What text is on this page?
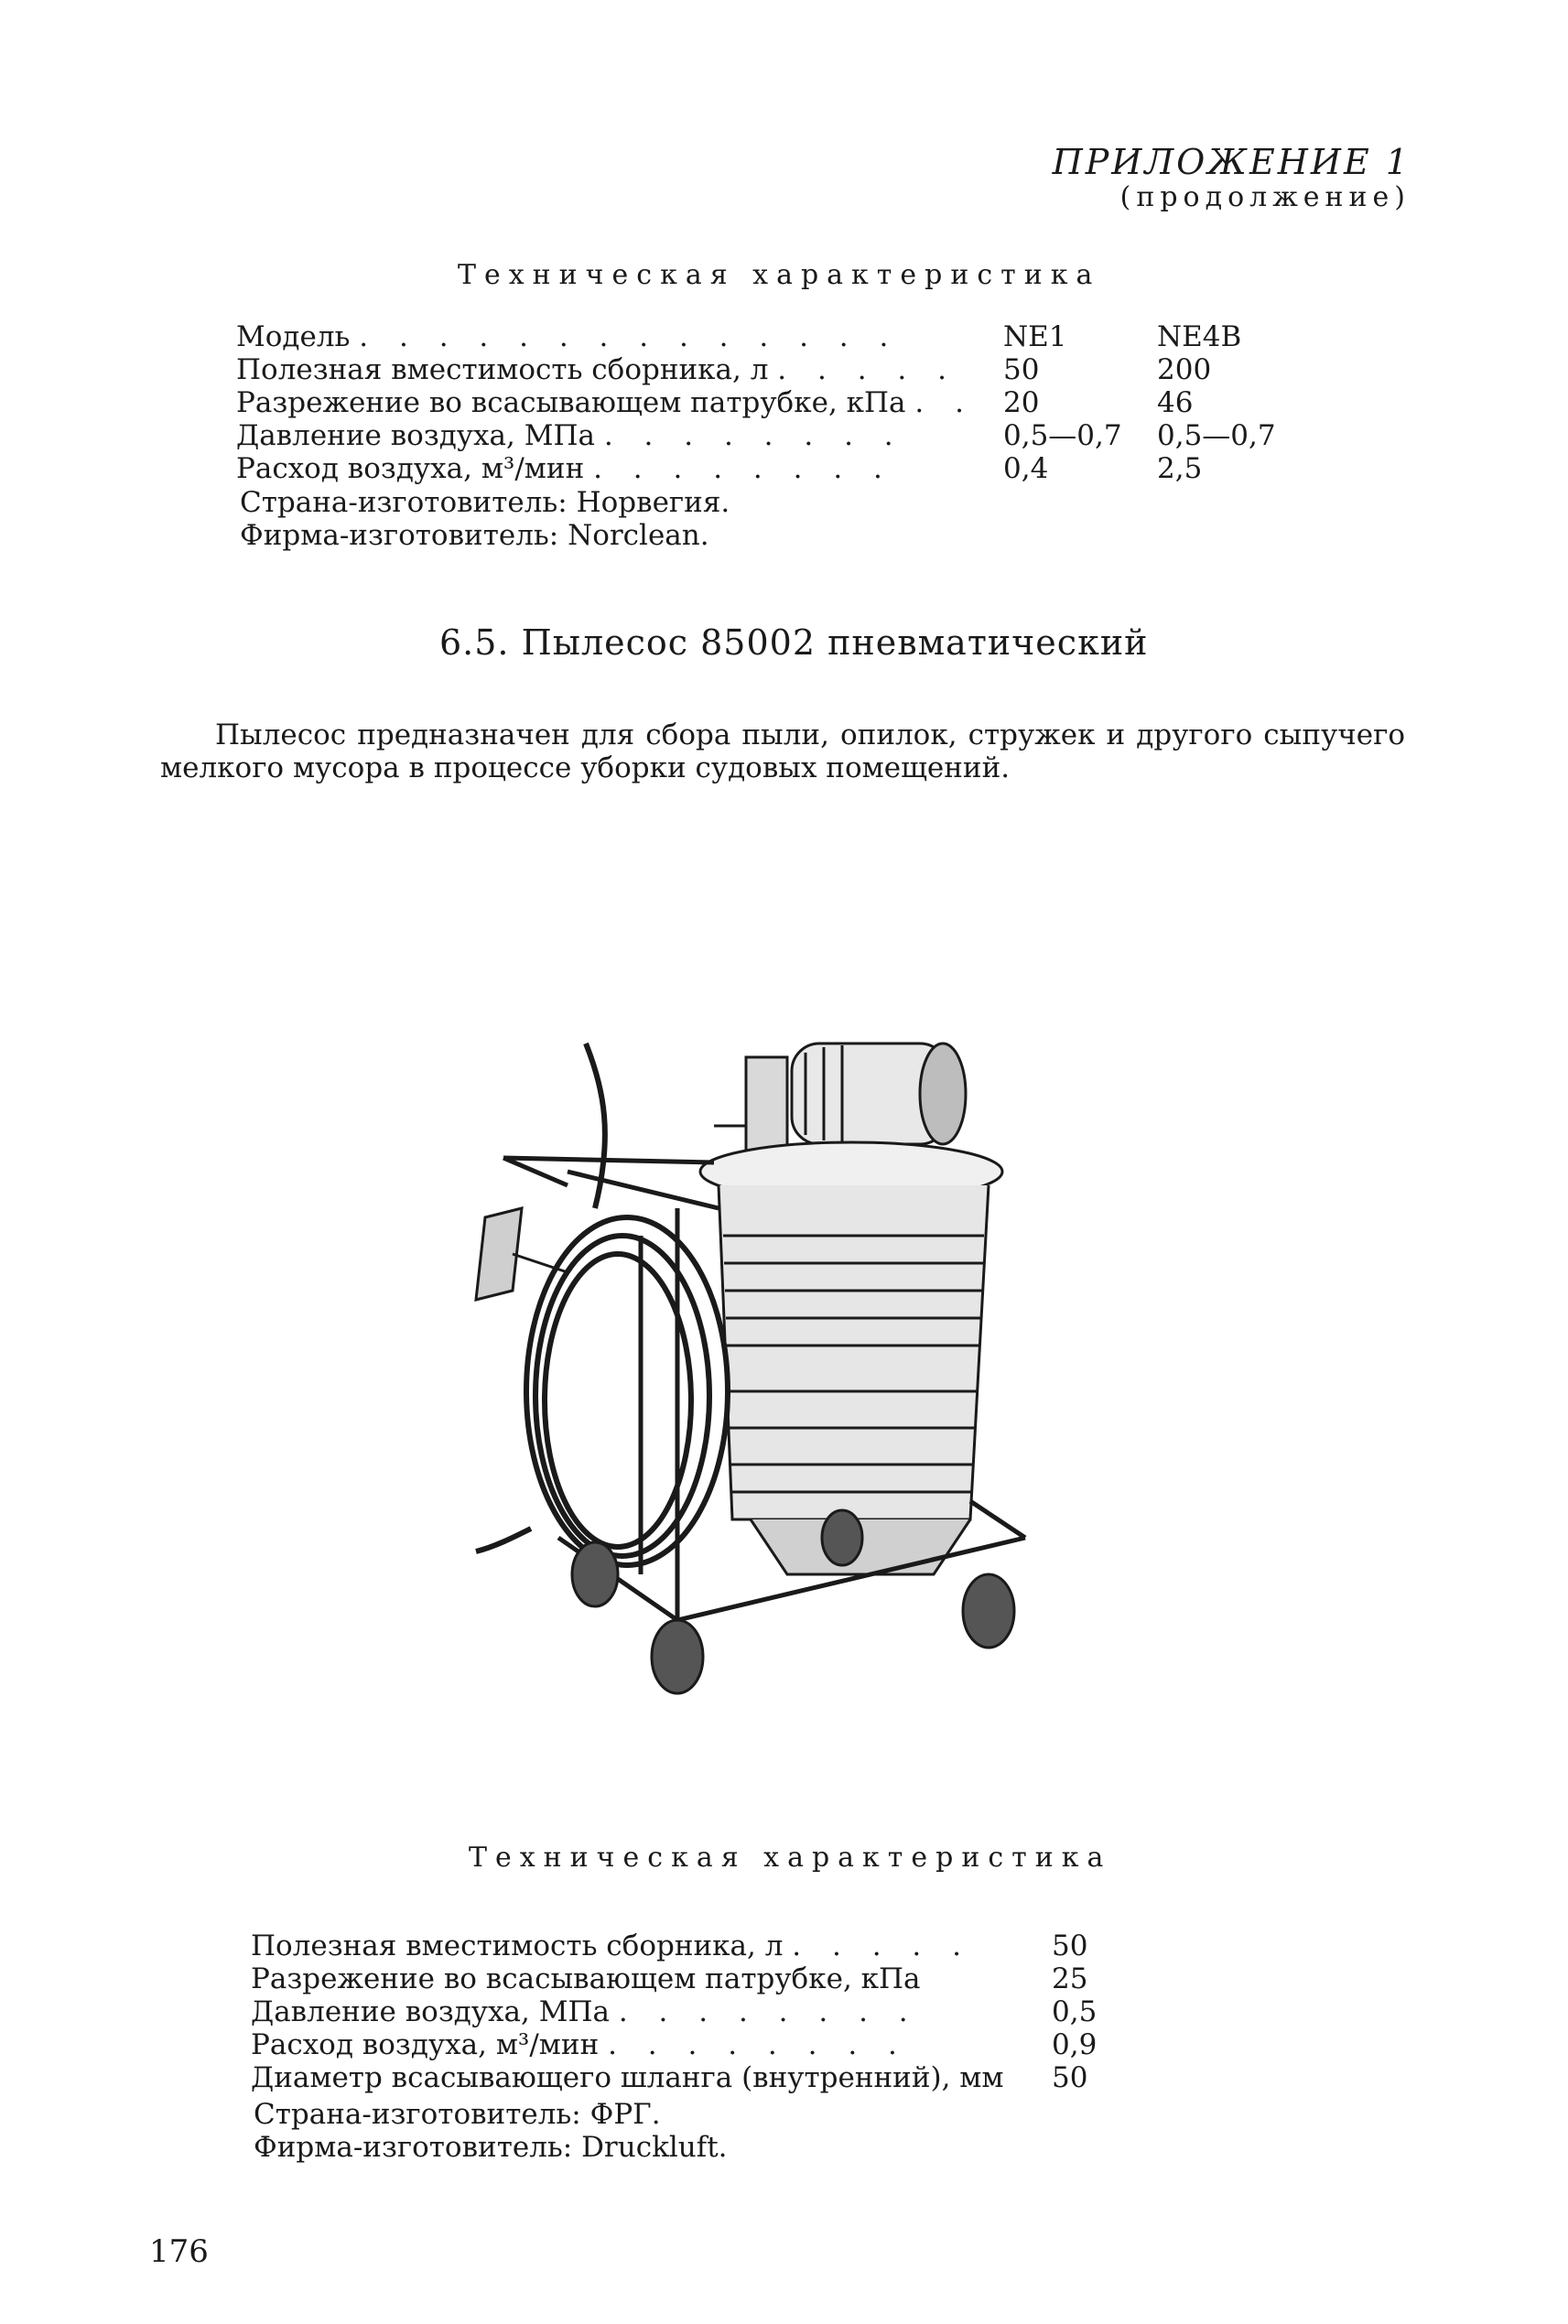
ПРИЛОЖЕНИЕ 1
(продолжение)
Техническая характеристика
Модель . . . . . . . . . . . . . .	NE1	NE4B
Полезная вместимость сборника, л . . . . .	50	200
Разрежение во всасывающем патрубке, кПа . .	20	46
Давление воздуха, МПа . . . . . . . .	0,5—0,7	0,5—0,7
Расход воздуха, м³/мин . . . . . . . .	0,4	2,5
Страна-изготовитель: Норвегия.
Фирма-изготовитель: Norclean.
6.5. Пылесос 85002 пневматический
Пылесос предназначен для сбора пыли, опилок, стружек и другого сыпучего мелкого мусора в процессе уборки судовых помещений.
Техническая характеристика
Полезная вместимость сборника, л . . . . .	50
Разрежение во всасывающем патрубке, кПа	25
Давление воздуха, МПа . . . . . . . .	0,5
Расход воздуха, м³/мин . . . . . . . .	0,9
Диаметр всасывающего шланга (внутренний), мм	50
Страна-изготовитель: ФРГ.
Фирма-изготовитель: Druckluft.
176
